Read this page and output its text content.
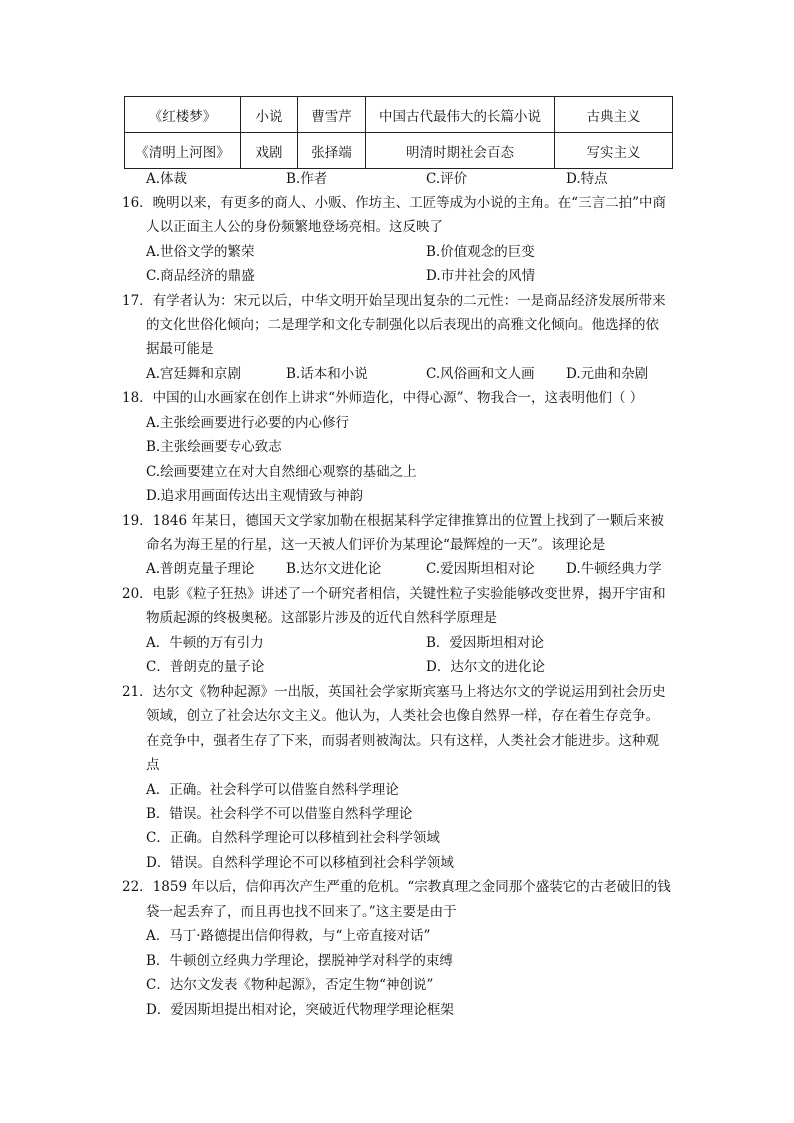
《红楼梦》	小说	曹雪芹	中国古代最伟大的长篇小说	古典主义
《清明上河图》	戏剧	张择端	明清时期社会百态	写实主义
A.体裁	B.作者	C.评价	D.特点
16．晚明以来，有更多的商人、小贩、作坊主、工匠等成为小说的主角。在“三言二拍”中商
人以正面主人公的身份频繁地登场亮相。这反映了
A.世俗文学的繁荣	B.价值观念的巨变
C.商品经济的鼎盛	D.市井社会的风情
17．有学者认为：宋元以后，中华文明开始呈现出复杂的二元性：一是商品经济发展所带来
的文化世俗化倾向；二是理学和文化专制强化以后表现出的高雅文化倾向。他选择的依
据最可能是
A.宫廷舞和京剧	B.话本和小说	C.风俗画和文人画 D.元曲和杂剧
18．中国的山水画家在创作上讲求“外师造化，中得心源”、物我合一，这表明他们（ ）
A.主张绘画要进行必要的内心修行
B.主张绘画要专心致志
C.绘画要建立在对大自然细心观察的基础之上
D.追求用画面传达出主观情致与神韵
19．1846 年某日，德国天文学家加勒在根据某科学定律推算出的位置上找到了一颗后来被
命名为海王星的行星，这一天被人们评价为某理论“最辉煌的一天”。该理论是
A.普朗克量子理论 B.达尔文进化论	C.爱因斯坦相对论 D.牛顿经典力学
20．电影《粒子狂热》讲述了一个研究者相信，关键性粒子实验能够改变世界，揭开宇宙和
物质起源的终极奥秘。这部影片涉及的近代自然科学原理是
A．牛顿的万有引力	B．爱因斯坦相对论
C．普朗克的量子论	D．达尔文的进化论
21．达尔文《物种起源》一出版，英国社会学家斯宾塞马上将达尔文的学说运用到社会历史
领域，创立了社会达尔文主义。他认为，人类社会也像自然界一样，存在着生存竞争。
在竞争中，强者生存了下来，而弱者则被淘汰。只有这样，人类社会才能进步。这种观
点
A．正确。社会科学可以借鉴自然科学理论
B．错误。社会科学不可以借鉴自然科学理论
C．正确。自然科学理论可以移植到社会科学领域
D．错误。自然科学理论不可以移植到社会科学领域
22．1859 年以后，信仰再次产生严重的危机。“宗教真理之金同那个盛装它的古老破旧的钱
袋一起丢弃了，而且再也找不回来了。”这主要是由于
A．马丁·路德提出信仰得救，与“上帝直接对话”
B．牛顿创立经典力学理论，摆脱神学对科学的束缚
C．达尔文发表《物种起源》，否定生物“神创说”
D．爱因斯坦提出相对论，突破近代物理学理论框架
